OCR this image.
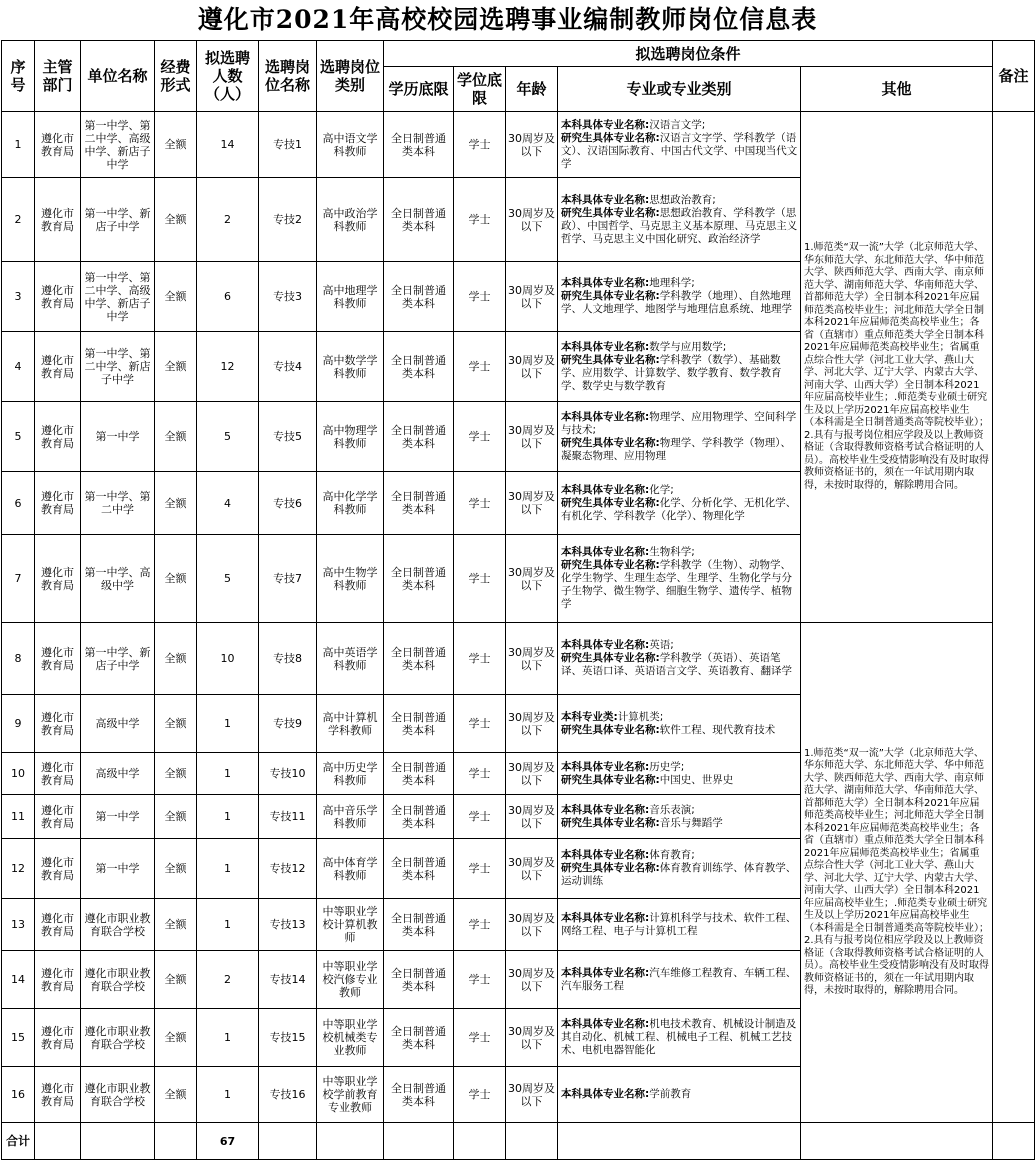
遵化市2021年高校校园选聘事业编制教师岗位信息表
序号	主管部门	单位名称	经费形式	拟选聘人数（人）	选聘岗位名称	选聘岗位类别	拟选聘岗位条件					备注
							学历底限	学位底限	年龄	专业或专业类别	其他	
1	遵化市教育局	第一中学、第二中学、高级中学、新店子中学	全额	14	专技1	高中语文学科教师	全日制普通类本科	学士	30周岁及以下	本科具体专业名称:汉语言文学;
研究生具体专业名称:汉语言文字学、学科教学（语文）、汉语国际教育、中国古代文学、中国现当代文学	1.师范类“双一流”大学（北京师范大学、华东师范大学、东北师范大学、华中师范大学、陕西师范大学、西南大学、南京师范大学、湖南师范大学、华南师范大学、首都师范大学）全日制本科2021年应届师范类高校毕业生；河北师范大学全日制本科2021年应届师范类高校毕业生；各省（直辖市）重点师范类大学全日制本科2021年应届师范类高校毕业生；省属重点综合性大学（河北工业大学、燕山大学、河北大学、辽宁大学、内蒙古大学、河南大学、山西大学）全日制本科2021年应届高校毕业生；.师范类专业硕士研究生及以上学历2021年应届高校毕业生（本科需是全日制普通类高等院校毕业）；2.具有与报考岗位相应学段及以上教师资格证（含取得教师资格考试合格证明的人员）。高校毕业生受疫情影响没有及时取得教师资格证书的，须在一年试用期内取得，未按时取得的，解除聘用合同。	
2	遵化市教育局	第一中学、新店子中学	全额	2	专技2	高中政治学科教师	全日制普通类本科	学士	30周岁及以下	本科具体专业名称:思想政治教育;
研究生具体专业名称:思想政治教育、学科教学（思政）、中国哲学、马克思主义基本原理、马克思主义哲学、马克思主义中国化研究、政治经济学		
3	遵化市教育局	第一中学、第二中学、高级中学、新店子中学	全额	6	专技3	高中地理学科教师	全日制普通类本科	学士	30周岁及以下	本科具体专业名称:地理科学;
研究生具体专业名称:学科教学（地理）、自然地理学、人文地理学、地图学与地理信息系统、地理学		
4	遵化市教育局	第一中学、第二中学、新店子中学	全额	12	专技4	高中数学学科教师	全日制普通类本科	学士	30周岁及以下	本科具体专业名称:数学与应用数学;
研究生具体专业名称:学科教学（数学）、基础数学、应用数学、计算数学、数学教育、数学教育学、数学史与数学教育		
5	遵化市教育局	第一中学	全额	5	专技5	高中物理学科教师	全日制普通类本科	学士	30周岁及以下	本科具体专业名称:物理学、应用物理学、空间科学与技术;
研究生具体专业名称:物理学、学科教学（物理）、凝聚态物理、应用物理		
6	遵化市教育局	第一中学、第二中学	全额	4	专技6	高中化学学科教师	全日制普通类本科	学士	30周岁及以下	本科具体专业名称:化学;
研究生具体专业名称:化学、分析化学、无机化学、有机化学、学科教学（化学）、物理化学		
7	遵化市教育局	第一中学、高级中学	全额	5	专技7	高中生物学科教师	全日制普通类本科	学士	30周岁及以下	本科具体专业名称:生物科学;
研究生具体专业名称:学科教学（生物）、动物学、化学生物学、生理生态学、生理学、生物化学与分子生物学、微生物学、细胞生物学、遗传学、植物学		
8	遵化市教育局	第一中学、新店子中学	全额	10	专技8	高中英语学科教师	全日制普通类本科	学士	30周岁及以下	本科具体专业名称:英语;
研究生具体专业名称:学科教学（英语）、英语笔译、英语口译、英语语言文学、英语教育、翻译学	1.师范类“双一流”大学（北京师范大学、华东师范大学、东北师范大学、华中师范大学、陕西师范大学、西南大学、南京师范大学、湖南师范大学、华南师范大学、首都师范大学）全日制本科2021年应届师范类高校毕业生；河北师范大学全日制本科2021年应届师范类高校毕业生；各省（直辖市）重点师范类大学全日制本科2021年应届师范类高校毕业生；省属重点综合性大学（河北工业大学、燕山大学、河北大学、辽宁大学、内蒙古大学、河南大学、山西大学）全日制本科2021年应届高校毕业生；.师范类专业硕士研究生及以上学历2021年应届高校毕业生（本科需是全日制普通类高等院校毕业）；2.具有与报考岗位相应学段及以上教师资格证（含取得教师资格考试合格证明的人员）。高校毕业生受疫情影响没有及时取得教师资格证书的，须在一年试用期内取得，未按时取得的，解除聘用合同。	
9	遵化市教育局	高级中学	全额	1	专技9	高中计算机学科教师	全日制普通类本科	学士	30周岁及以下	本科专业类:计算机类;
研究生具体专业名称:软件工程、现代教育技术		
10	遵化市教育局	高级中学	全额	1	专技10	高中历史学科教师	全日制普通类本科	学士	30周岁及以下	本科具体专业名称:历史学;
研究生具体专业名称:中国史、世界史		
11	遵化市教育局	第一中学	全额	1	专技11	高中音乐学科教师	全日制普通类本科	学士	30周岁及以下	本科具体专业名称:音乐表演;
研究生具体专业名称:音乐与舞蹈学		
12	遵化市教育局	第一中学	全额	1	专技12	高中体育学科教师	全日制普通类本科	学士	30周岁及以下	本科具体专业名称:体育教育;
研究生具体专业名称:体育教育训练学、体育教学、运动训练		
13	遵化市教育局	遵化市职业教育联合学校	全额	1	专技13	中等职业学校计算机教师	全日制普通类本科	学士	30周岁及以下	本科具体专业名称:计算机科学与技术、软件工程、网络工程、电子与计算机工程		
14	遵化市教育局	遵化市职业教育联合学校	全额	2	专技14	中等职业学校汽修专业教师	全日制普通类本科	学士	30周岁及以下	本科具体专业名称:汽车维修工程教育、车辆工程、汽车服务工程		
15	遵化市教育局	遵化市职业教育联合学校	全额	1	专技15	中等职业学校机械类专业教师	全日制普通类本科	学士	30周岁及以下	本科具体专业名称:机电技术教育、机械设计制造及其自动化、机械工程、机械电子工程、机械工艺技术、电机电器智能化		
16	遵化市教育局	遵化市职业教育联合学校	全额	1	专技16	中等职业学校学前教育专业教师	全日制普通类本科	学士	30周岁及以下	本科具体专业名称:学前教育		
合计				67								
